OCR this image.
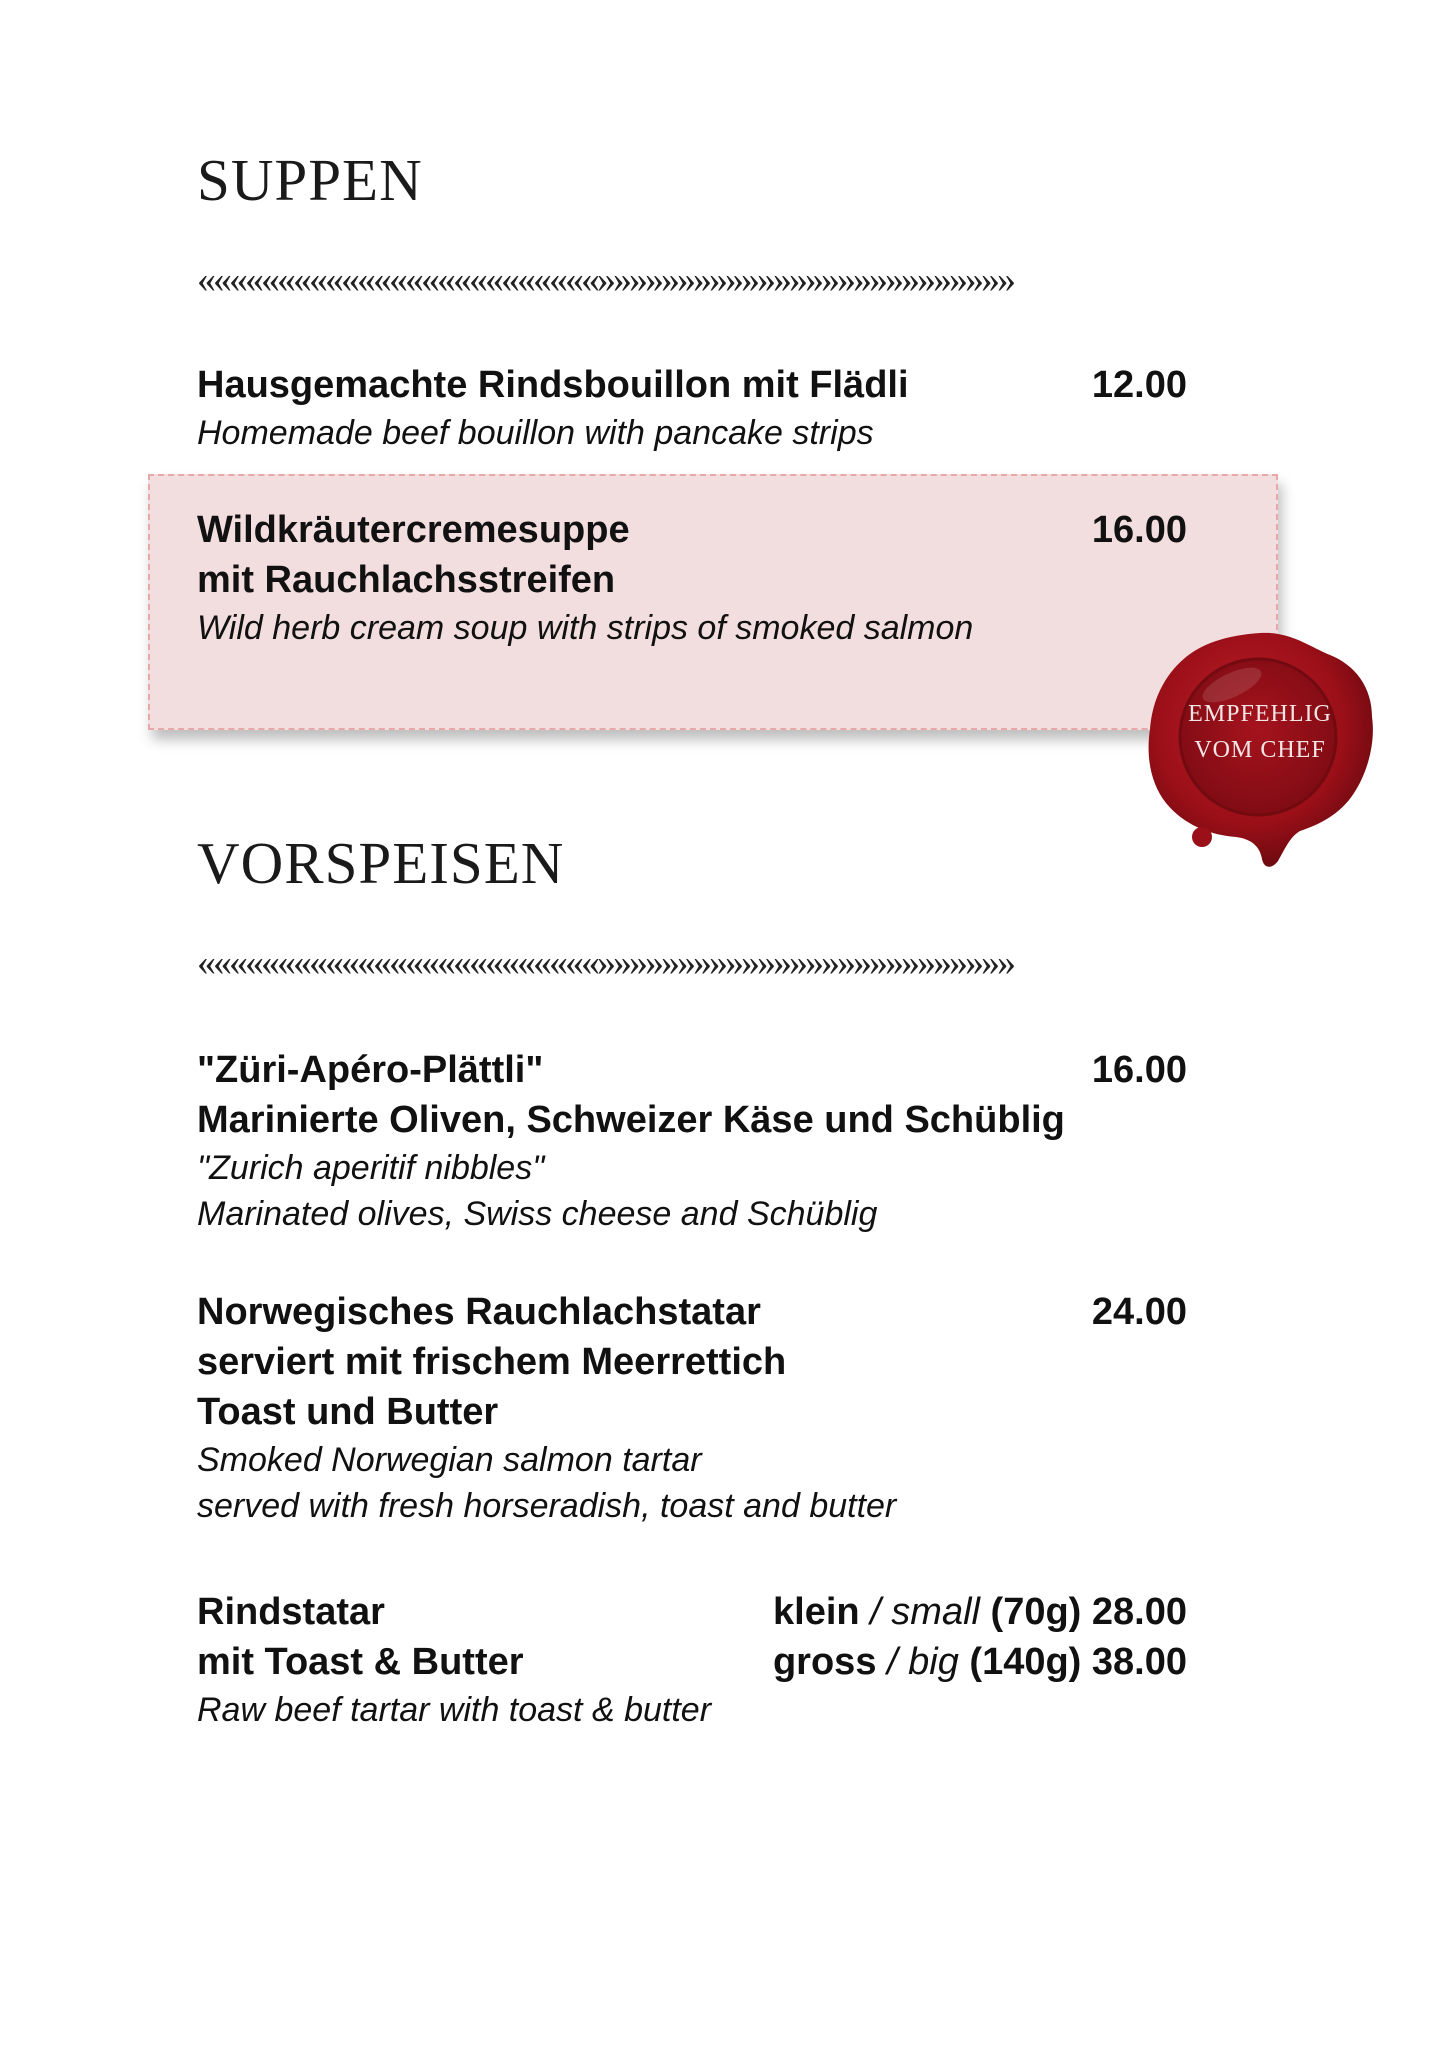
SUPPEN
«««««««««««««««««««««««««»»»»»»»»»»»»»»»»»»»»»»»»»»
Hausgemachte Rindsbouillon mit Flädli	12.00
Homemade beef bouillon with pancake strips
Wildkräutercremesuppe	16.00
mit Rauchlachsstreifen
Wild herb cream soup with strips of smoked salmon
EMPFEHLIG
VOM CHEF
VORSPEISEN
«««««««««««««««««««««««««»»»»»»»»»»»»»»»»»»»»»»»»»»
"Züri-Apéro-Plättli"	16.00
Marinierte Oliven, Schweizer Käse und Schüblig
"Zurich aperitif nibbles"
Marinated olives, Swiss cheese and Schüblig
Norwegisches Rauchlachstatar	24.00
serviert mit frischem Meerrettich
Toast und Butter
Smoked Norwegian salmon tartar
served with fresh horseradish, toast and butter
Rindstatar	klein / small (70g) 28.00
mit Toast & Butter	gross / big (140g) 38.00
Raw beef tartar with toast & butter
